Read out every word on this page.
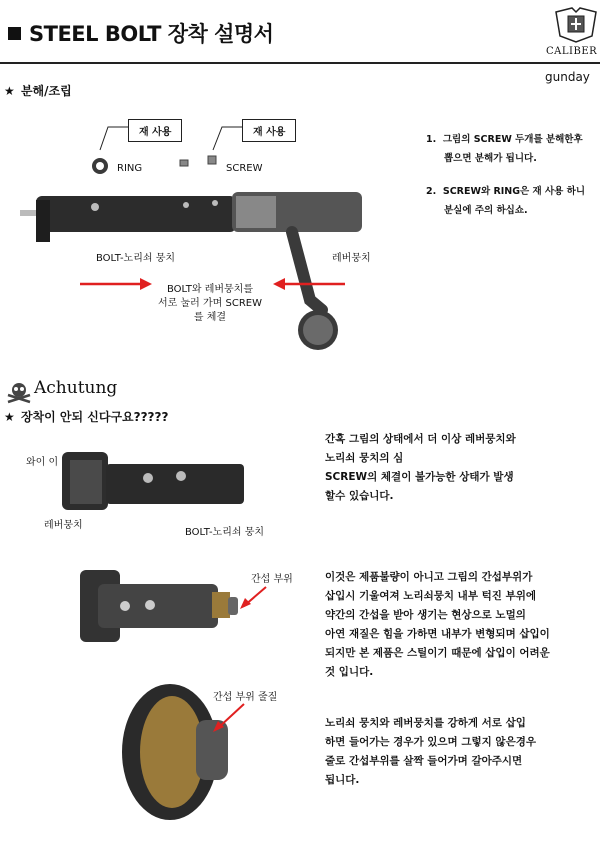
STEEL BOLT 장착 설명서
CALIBER
gunday
★ 분해/조립
재 사용	재 사용
RING	SCREW
BOLT-노리쇠 뭉치	레버뭉치
BOLT와 레버뭉치를
서로 눌러 가며 SCREW
를 체결
1. 그림의 SCREW 두개를 분해한후
뽑으면 분해가 됩니다.
2. SCREW와 RING은 재 사용 하니
분실에 주의 하십쇼.
Achutung
★ 장착이 안되 신다구요?????
와이 이
레버뭉치
BOLT-노리쇠 뭉치
간섭 부위
간섭 부위 줄질
간혹 그림의 상태에서 더 이상 레버뭉치와
노리쇠 뭉치의 심
SCREW의 체결이 불가능한 상태가 발생
할수 있습니다.
이것은 제품불량이 아니고 그림의 간섭부위가
삽입시 기울여져 노리쇠뭉치 내부 턱진 부위에
약간의 간섭을 받아 생기는 현상으로 노멀의
아연 재질은 힘을 가하면 내부가 변형되며 삽입이
되지만 본 제품은 스틸이기 때문에 삽입이 어려운
것 입니다.
노리쇠 뭉치와 레버뭉치를 강하게 서로 삽입
하면 들어가는 경우가 있으며 그렇지 않은경우
줄로 간섭부위를 살짝 들어가며 갈아주시면
됩니다.
